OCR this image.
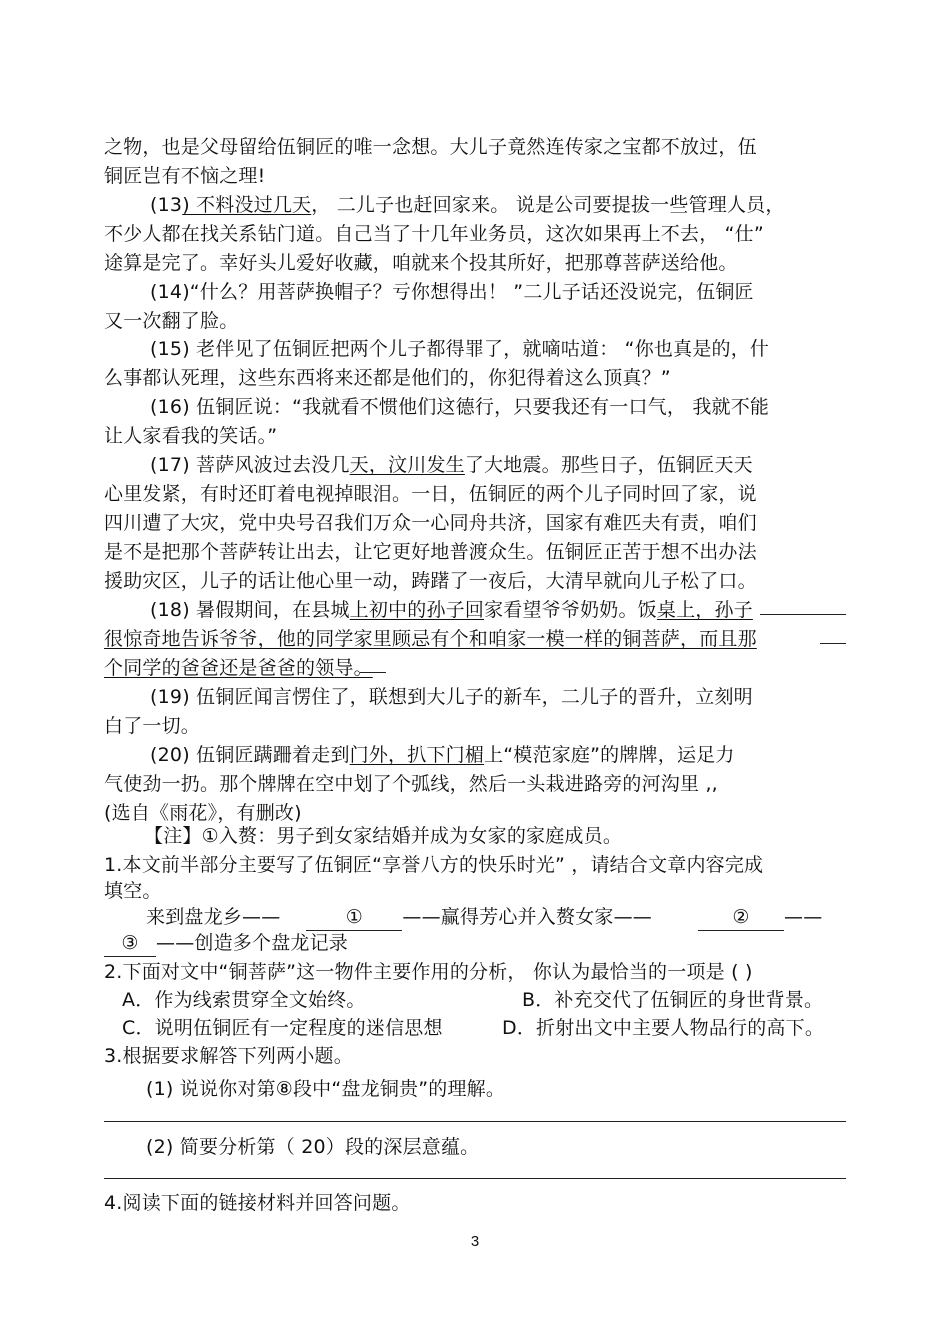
之物，也是父母留给伍铜匠的唯一念想。大儿子竟然连传家之宝都不放过，伍
铜匠岂有不恼之理!
(13) 不料没过几天， 二儿子也赶回家来。 说是公司要提拔一些管理人员，
不少人都在找关系钻门道。自己当了十几年业务员，这次如果再上不去， “仕”
途算是完了。幸好头儿爱好收藏，咱就来个投其所好，把那尊菩萨送给他。
(14)“什么？用菩萨换帽子？亏你想得出！ ”二儿子话还没说完，伍铜匠
又一次翻了脸。
(15) 老伴见了伍铜匠把两个儿子都得罪了，就嘀咕道： “你也真是的，什
么事都认死理，这些东西将来还都是他们的，你犯得着这么顶真？”
(16) 伍铜匠说：“我就看不惯他们这德行，只要我还有一口气， 我就不能
让人家看我的笑话。”
(17) 菩萨风波过去没几天，汶川发生了大地震。那些日子，伍铜匠天天
心里发紧，有时还盯着电视掉眼泪。一日，伍铜匠的两个儿子同时回了家，说
四川遭了大灾，党中央号召我们万众一心同舟共济，国家有难匹夫有责，咱们
是不是把那个菩萨转让出去，让它更好地普渡众生。伍铜匠正苦于想不出办法
援助灾区，儿子的话让他心里一动，踌躇了一夜后，大清早就向儿子松了口。
(18) 暑假期间，在县城上初中的孙子回家看望爷爷奶奶。饭桌上，孙子
很惊奇地告诉爷爷，他的同学家里顾忌有个和咱家一模一样的铜菩萨，而且那
个同学的爸爸还是爸爸的领导。
(19) 伍铜匠闻言愣住了，联想到大儿子的新车，二儿子的晋升，立刻明
白了一切。
(20) 伍铜匠蹒跚着走到门外，扒下门楣上“模范家庭”的牌牌，运足力
气使劲一扔。那个牌牌在空中划了个弧线，然后一头栽进路旁的河沟里 ,,
(选自《雨花》，有删改)
【注】①入赘：男子到女家结婚并成为女家的家庭成员。
1.本文前半部分主要写了伍铜匠“享誉八方的快乐时光” ，请结合文章内容完成
填空。
来到盘龙乡——	① ——赢得芳心并入赘女家——	② ——
③ ——创造多个盘龙记录
2.下面对文中“铜菩萨”这一物件主要作用的分析， 你认为最恰当的一项是 ( )
A．作为线索贯穿全文始终。	B．补充交代了伍铜匠的身世背景。
C．说明伍铜匠有一定程度的迷信思想	D．折射出文中主要人物品行的高下。
3.根据要求解答下列两小题。
(1) 说说你对第⑧段中“盘龙铜贵”的理解。
(2) 简要分析第（ 20）段的深层意蕴。
4.阅读下面的链接材料并回答问题。
3
